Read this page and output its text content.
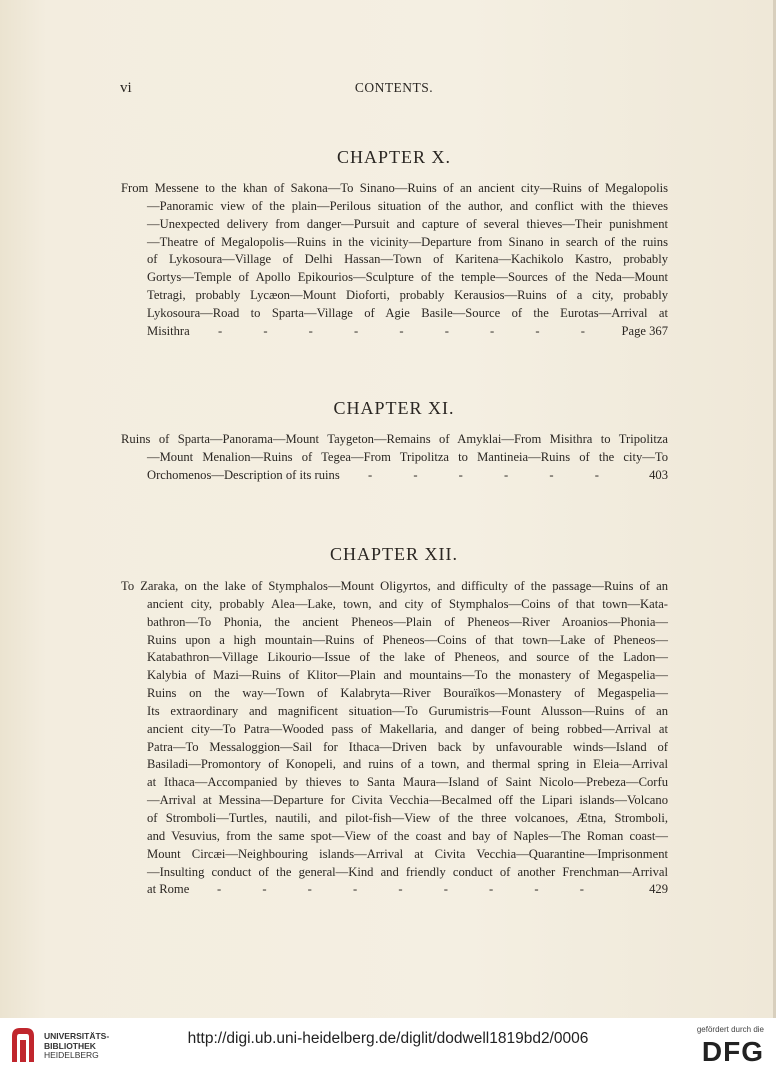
vi	CONTENTS.
CHAPTER X.
From Messene to the khan of Sakona—To Sinano—Ruins of an ancient city—Ruins of Megalopolis
—Panoramic view of the plain—Perilous situation of the author, and conflict with the thieves
—Unexpected delivery from danger—Pursuit and capture of several thieves—Their punishment
—Theatre of Megalopolis—Ruins in the vicinity—Departure from Sinano in search of the ruins
of Lykosoura—Village of Delhi Hassan—Town of Karitena—Kachikolo Kastro, probably
Gortys—Temple of Apollo Epikourios—Sculpture of the temple—Sources of the Neda—Mount
Tetragi, probably Lycæon—Mount Dioforti, probably Kerausios—Ruins of a city, probably
Lykosoura—Road to Sparta—Village of Agie Basile—Source of the Eurotas—Arrival at
Misithra - - - - - - - - -	Page 367
CHAPTER XI.
Ruins of Sparta—Panorama—Mount Taygeton—Remains of Amyklai—From Misithra to Tripolitza
—Mount Menalion—Ruins of Tegea—From Tripolitza to Mantineia—Ruins of the city—To
Orchomenos—Description of its ruins - - - - - -	403
CHAPTER XII.
To Zaraka, on the lake of Stymphalos—Mount Oligyrtos, and difficulty of the passage—Ruins of an
ancient city, probably Alea—Lake, town, and city of Stymphalos—Coins of that town—Kata-
bathron—To Phonia, the ancient Pheneos—Plain of Pheneos—River Aroanios—Phonia—
Ruins upon a high mountain—Ruins of Pheneos—Coins of that town—Lake of Pheneos—
Katabathron—Village Likourio—Issue of the lake of Pheneos, and source of the Ladon—
Kalybia of Mazi—Ruins of Klitor—Plain and mountains—To the monastery of Megaspelia—
Ruins on the way—Town of Kalabryta—River Bouraïkos—Monastery of Megaspelia—
Its extraordinary and magnificent situation—To Gurumistris—Fount Alusson—Ruins of an
ancient city—To Patra—Wooded pass of Makellaria, and danger of being robbed—Arrival at
Patra—To Messaloggion—Sail for Ithaca—Driven back by unfavourable winds—Island of
Basiladi—Promontory of Konopeli, and ruins of a town, and thermal spring in Eleia—Arrival
at Ithaca—Accompanied by thieves to Santa Maura—Island of Saint Nicolo—Prebeza—Corfu
—Arrival at Messina—Departure for Civita Vecchia—Becalmed off the Lipari islands—Volcano
of Stromboli—Turtles, nautili, and pilot-fish—View of the three volcanoes, Ætna, Stromboli,
and Vesuvius, from the same spot—View of the coast and bay of Naples—The Roman coast—
Mount Circæi—Neighbouring islands—Arrival at Civita Vecchia—Quarantine—Imprisonment
—Insulting conduct of the general—Kind and friendly conduct of another Frenchman—Arrival
at Rome - - - - - - - - -	429
UNIVERSITÄTS-
BIBLIOTHEK
HEIDELBERG
http://digi.ub.uni-heidelberg.de/diglit/dodwell1819bd2/0006
gefördert durch die
DFG
